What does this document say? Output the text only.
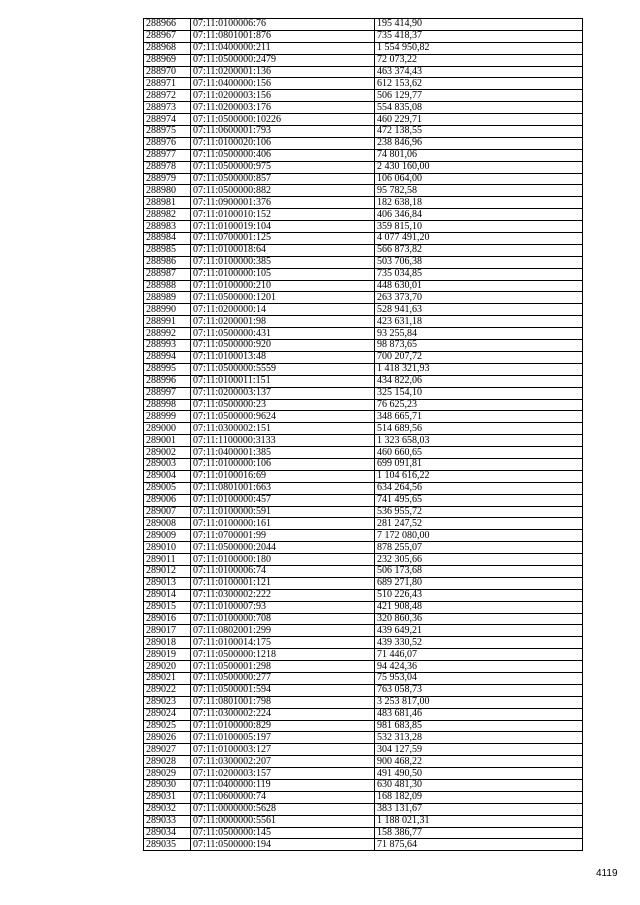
288966	07:11:0100006:76	195 414,90
288967	07:11:0801001:876	735 418,37
288968	07:11:0400000:211	1 554 950,82
288969	07:11:0500000:2479	72 073,22
288970	07:11:0200001:136	463 374,43
288971	07:11:0400000:156	612 153,62
288972	07:11:0200003:156	506 129,77
288973	07:11:0200003:176	554 835,08
288974	07:11:0500000:10226	460 229,71
288975	07:11:0600001:793	472 138,55
288976	07:11:0100020:106	238 846,96
288977	07:11:0500000:406	74 801,06
288978	07:11:0500000:975	2 430 160,00
288979	07:11:0500000:857	106 064,00
288980	07:11:0500000:882	95 782,58
288981	07:11:0900001:376	182 638,18
288982	07:11:0100010:152	406 346,84
288983	07:11:0100019:104	359 815,10
288984	07:11:0700001:125	4 077 491,20
288985	07:11:0100018:64	566 873,82
288986	07:11:0100000:385	503 706,38
288987	07:11:0100000:105	735 034,85
288988	07:11:0100000:210	448 630,01
288989	07:11:0500000:1201	263 373,70
288990	07:11:0200000:14	528 941,63
288991	07:11:0200001:98	423 631,18
288992	07:11:0500000:431	93 255,84
288993	07:11:0500000:920	98 873,65
288994	07:11:0100013:48	700 207,72
288995	07:11:0500000:5559	1 418 321,93
288996	07:11:0100011:151	434 822,06
288997	07:11:0200003:137	325 154,10
288998	07:11:0500000:23	76 625,23
288999	07:11:0500000:9624	348 665,71
289000	07:11:0300002:151	514 689,56
289001	07:11:1100000:3133	1 323 658,03
289002	07:11:0400001:385	460 660,65
289003	07:11:0100000:106	699 091,81
289004	07:11:0100016:69	1 104 616,22
289005	07:11:0801001:663	634 264,56
289006	07:11:0100000:457	741 495,65
289007	07:11:0100000:591	536 955,72
289008	07:11:0100000:161	281 247,52
289009	07:11:0700001:99	7 172 080,00
289010	07:11:0500000:2044	878 255,07
289011	07:11:0100000:180	232 305,66
289012	07:11:0100006:74	506 173,68
289013	07:11:0100001:121	689 271,80
289014	07:11:0300002:222	510 226,43
289015	07:11:0100007:93	421 908,48
289016	07:11:0100000:708	320 860,36
289017	07:11:0802001:299	439 649,21
289018	07:11:0100014:175	439 330,52
289019	07:11:0500000:1218	71 446,07
289020	07:11:0500001:298	94 424,36
289021	07:11:0500000:277	75 953,04
289022	07:11:0500001:594	763 058,73
289023	07:11:0801001:798	3 253 817,00
289024	07:11:0300002:224	483 681,46
289025	07:11:0100000:829	981 683,85
289026	07:11:0100005:197	532 313,28
289027	07:11:0100003:127	304 127,59
289028	07:11:0300002:207	900 468,22
289029	07:11:0200003:157	491 490,50
289030	07:11:0400000:119	630 481,30
289031	07:11:0600000:74	168 182,09
289032	07:11:0000000:5628	383 131,67
289033	07:11:0000000:5561	1 188 021,31
289034	07:11:0500000:145	158 386,77
289035	07:11:0500000:194	71 875,64
4119
